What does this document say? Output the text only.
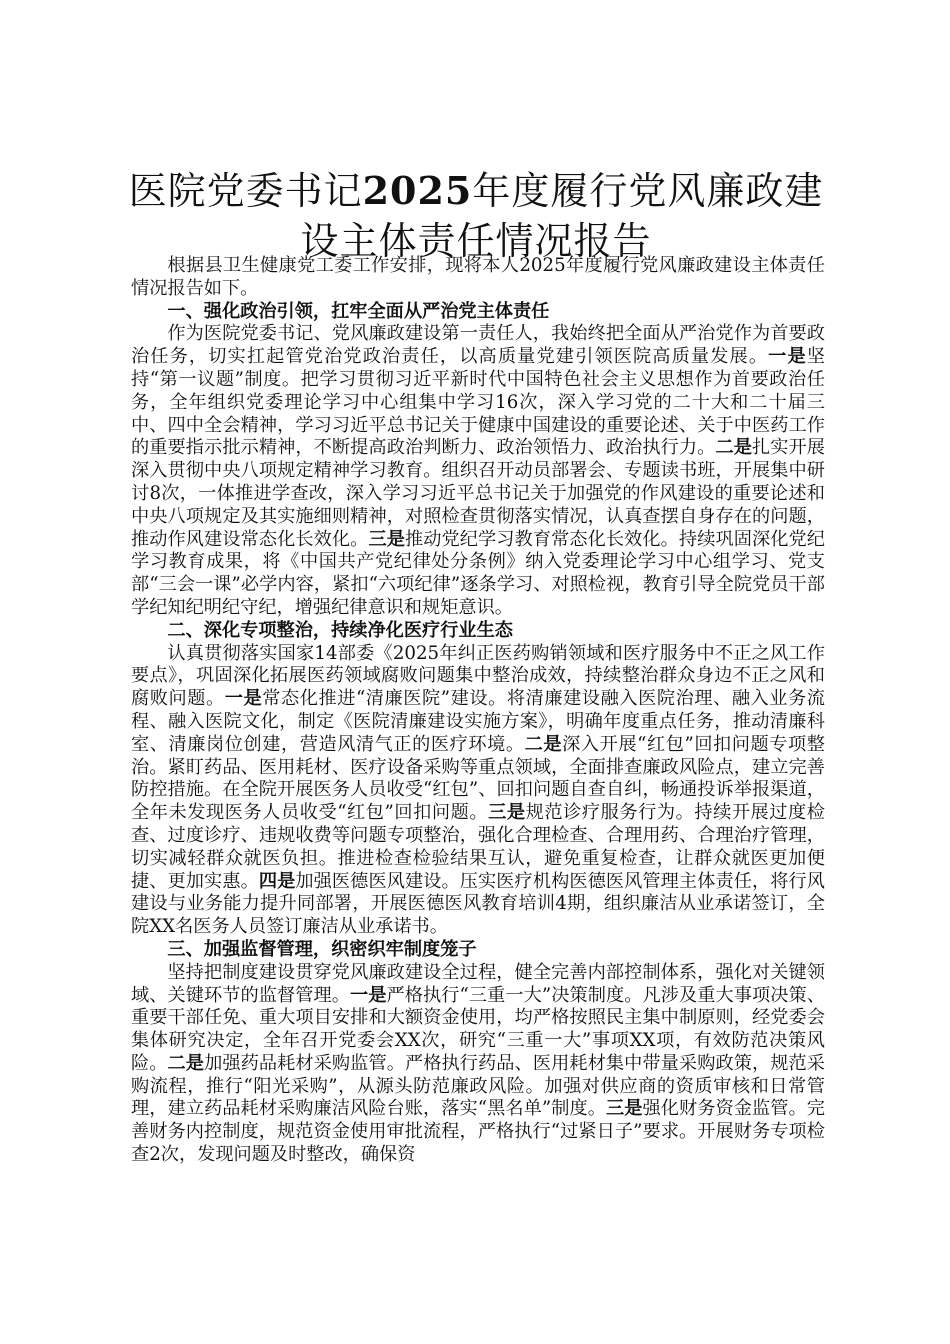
医院党委书记2025年度履行党风廉政建设主体责任情况报告

根据县卫生健康党工委工作安排，现将本人2025年度履行党风廉政建设主体责任情况报告如下。

一、强化政治引领，扛牢全面从严治党主体责任

作为医院党委书记、党风廉政建设第一责任人，我始终把全面从严治党作为首要政治任务，切实扛起管党治党政治责任，以高质量党建引领医院高质量发展。一是坚持“第一议题”制度。把学习贯彻习近平新时代中国特色社会主义思想作为首要政治任务，全年组织党委理论学习中心组集中学习16次，深入学习党的二十大和二十届三中、四中全会精神，学习习近平总书记关于健康中国建设的重要论述、关于中医药工作的重要指示批示精神，不断提高政治判断力、政治领悟力、政治执行力。二是扎实开展深入贯彻中央八项规定精神学习教育。组织召开动员部署会、专题读书班，开展集中研讨8次，一体推进学查改，深入学习习近平总书记关于加强党的作风建设的重要论述和中央八项规定及其实施细则精神，对照检查贯彻落实情况，认真查摆自身存在的问题，推动作风建设常态化长效化。三是推动党纪学习教育常态化长效化。持续巩固深化党纪学习教育成果，将《中国共产党纪律处分条例》纳入党委理论学习中心组学习、党支部“三会一课”必学内容，紧扣“六项纪律”逐条学习、对照检视，教育引导全院党员干部学纪知纪明纪守纪，增强纪律意识和规矩意识。

二、深化专项整治，持续净化医疗行业生态

认真贯彻落实国家14部委《2025年纠正医药购销领域和医疗服务中不正之风工作要点》，巩固深化拓展医药领域腐败问题集中整治成效，持续整治群众身边不正之风和腐败问题。一是常态化推进“清廉医院”建设。将清廉建设融入医院治理、融入业务流程、融入医院文化，制定《医院清廉建设实施方案》，明确年度重点任务，推动清廉科室、清廉岗位创建，营造风清气正的医疗环境。二是深入开展“红包”回扣问题专项整治。紧盯药品、医用耗材、医疗设备采购等重点领域，全面排查廉政风险点，建立完善防控措施。在全院开展医务人员收受“红包”、回扣问题自查自纠，畅通投诉举报渠道，全年未发现医务人员收受“红包”回扣问题。三是规范诊疗服务行为。持续开展过度检查、过度诊疗、违规收费等问题专项整治，强化合理检查、合理用药、合理治疗管理，切实减轻群众就医负担。推进检查检验结果互认，避免重复检查，让群众就医更加便捷、更加实惠。四是加强医德医风建设。压实医疗机构医德医风管理主体责任，将行风建设与业务能力提升同部署，开展医德医风教育培训4期，组织廉洁从业承诺签订，全院XX名医务人员签订廉洁从业承诺书。

三、加强监督管理，织密织牢制度笼子

坚持把制度建设贯穿党风廉政建设全过程，健全完善内部控制体系，强化对关键领域、关键环节的监督管理。一是严格执行“三重一大”决策制度。凡涉及重大事项决策、重要干部任免、重大项目安排和大额资金使用，均严格按照民主集中制原则，经党委会集体研究决定，全年召开党委会XX次，研究“三重一大”事项XX项，有效防范决策风险。二是加强药品耗材采购监管。严格执行药品、医用耗材集中带量采购政策，规范采购流程，推行“阳光采购”，从源头防范廉政风险。加强对供应商的资质审核和日常管理，建立药品耗材采购廉洁风险台账，落实“黑名单”制度。三是强化财务资金监管。完善财务内控制度，规范资金使用审批流程，严格执行“过紧日子”要求。开展财务专项检查2次，发现问题及时整改，确保资
